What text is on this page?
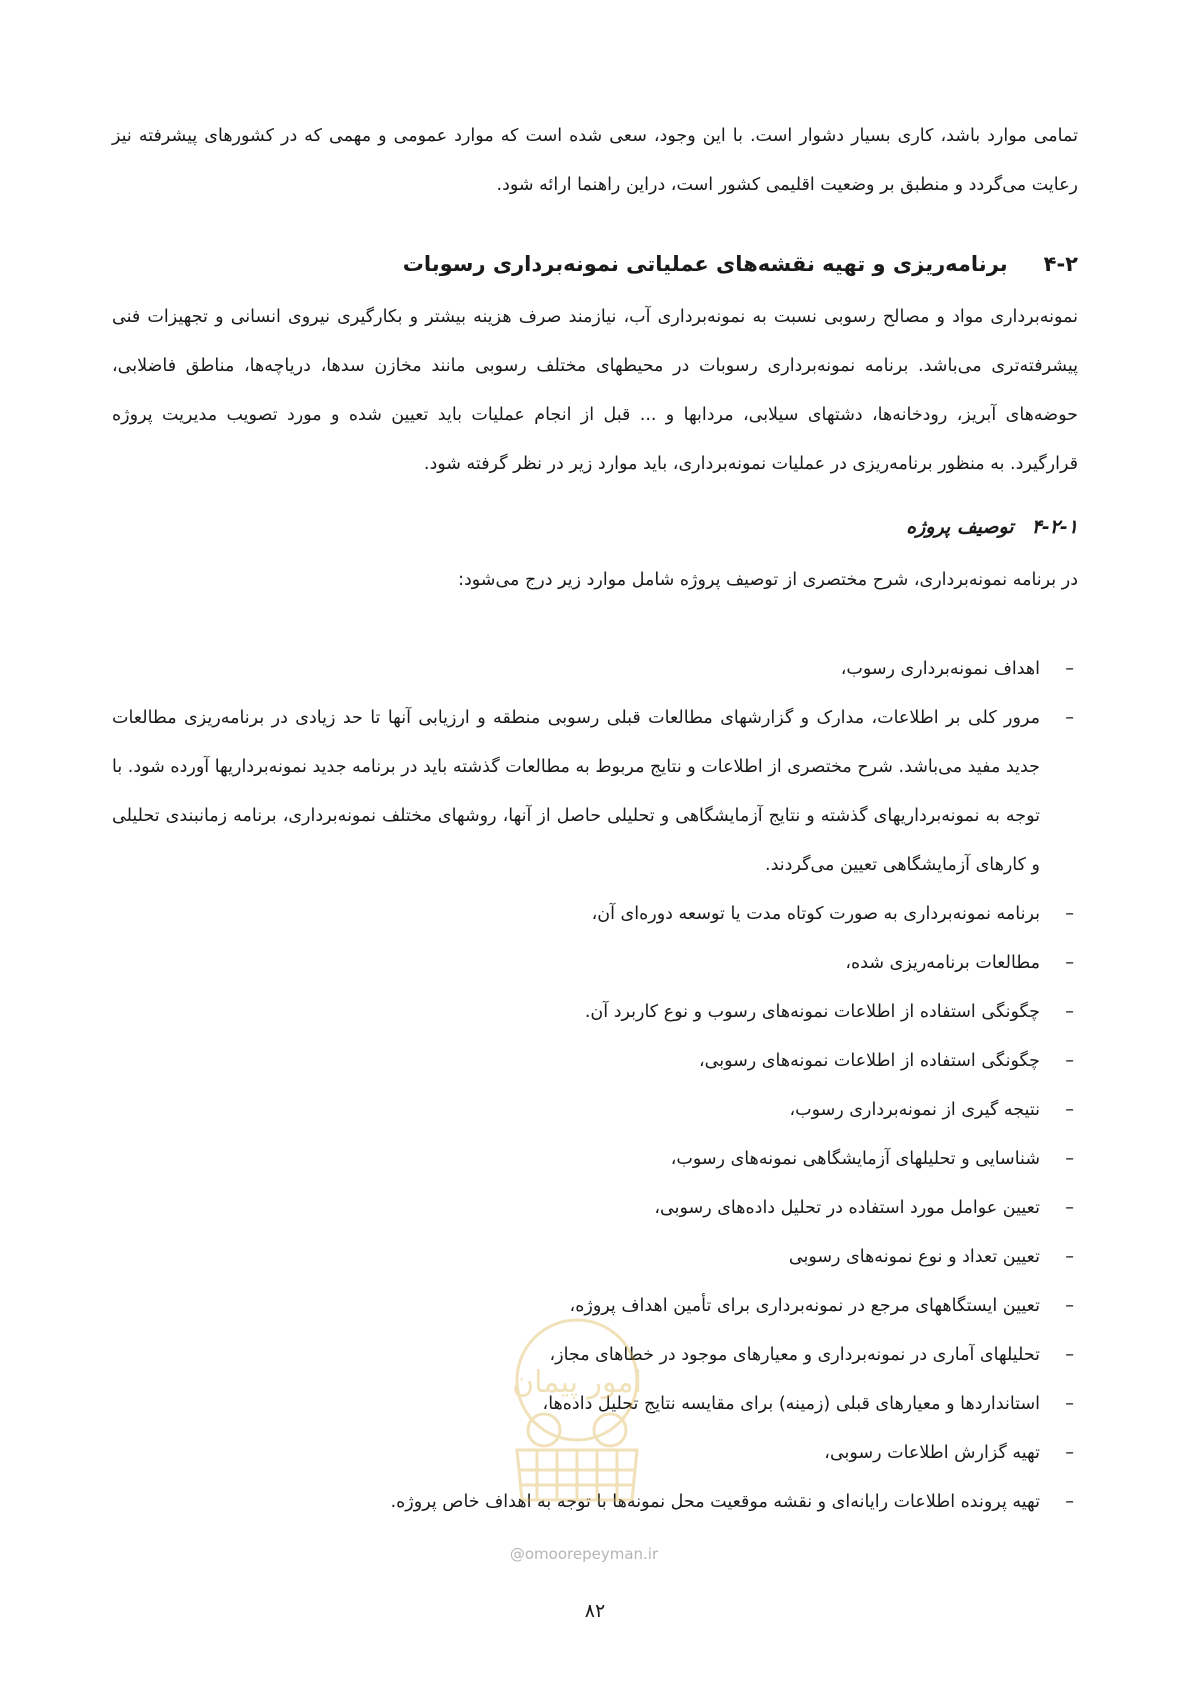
تمامی موارد باشد، کاری بسیار دشوار است. با این وجود، سعی شده است که موارد عمومی و مهمی که در کشورهای پیشرفته نیز رعایت می‌گردد و منطبق بر وضعیت اقلیمی کشور است، دراین راهنما ارائه شود.
۴-۲برنامه‌ریزی و تهیه نقشه‌های عملیاتی نمونه‌برداری رسوبات
نمونه‌برداری مواد و مصالح رسوبی نسبت به نمونه‌برداری آب، نیازمند صرف هزینه بیشتر و بکارگیری نیروی انسانی و تجهیزات فنی پیشرفته‌تری می‌باشد. برنامه نمونه‌برداری رسوبات در محیطهای مختلف رسوبی مانند مخازن سدها، دریاچه‌ها، مناطق فاضلابی، حوضه‌های آبریز، رودخانه‌ها، دشتهای سیلابی، مردابها و ... قبل از انجام عملیات باید تعیین شده و مورد تصویب مدیریت پروژه قرارگیرد. به منظور برنامه‌ریزی در عملیات نمونه‌برداری، باید موارد زیر در نظر گرفته شود.
۴-۲-۱توصیف پروژه
در برنامه نمونه‌برداری، شرح مختصری از توصیف پروژه شامل موارد زیر درج می‌شود:
–
اهداف نمونه‌برداری رسوب،
–
مرور کلی بر اطلاعات، مدارک و گزارشهای مطالعات قبلی رسوبی منطقه و ارزیابی آنها تا حد زیادی در برنامه‌ریزی مطالعات جدید مفید می‌باشد. شرح مختصری از اطلاعات و نتایج مربوط به مطالعات گذشته باید در برنامه جدید نمونه‌برداریها آورده شود. با توجه به نمونه‌برداریهای گذشته و نتایج آزمایشگاهی و تحلیلی حاصل از آنها، روشهای مختلف نمونه‌برداری، برنامه زمانبندی تحلیلی و کارهای آزمایشگاهی تعیین می‌گردند.
–
برنامه نمونه‌برداری به صورت کوتاه مدت یا توسعه دوره‌ای آن،
–
مطالعات برنامه‌ریزی شده،
–
چگونگی استفاده از اطلاعات نمونه‌های رسوب و نوع کاربرد آن.
–
چگونگی استفاده از اطلاعات نمونه‌های رسوبی،
–
نتیجه گیری از نمونه‌برداری رسوب،
–
شناسایی و تحلیلهای آزمایشگاهی نمونه‌های رسوب،
–
تعیین عوامل مورد استفاده در تحلیل داده‌های رسوبی،
–
تعیین تعداد و نوع نمونه‌های رسوبی
–
تعیین ایستگاههای مرجع در نمونه‌برداری برای تأمین اهداف پروژه،
–
تحلیلهای آماری در نمونه‌برداری و معیارهای موجود در خطاهای مجاز،
–
استانداردها و معیارهای قبلی (زمینه) برای مقایسه نتایج تحلیل داده‌ها،
–
تهیه گزارش اطلاعات رسوبی،
–
تهیه پرونده اطلاعات رایانه‌ای و نقشه موقعیت محل نمونه‌ها با توجه به اهداف خاص پروژه.
امور پیمان
@omoorepeyman.ir
۸۲
